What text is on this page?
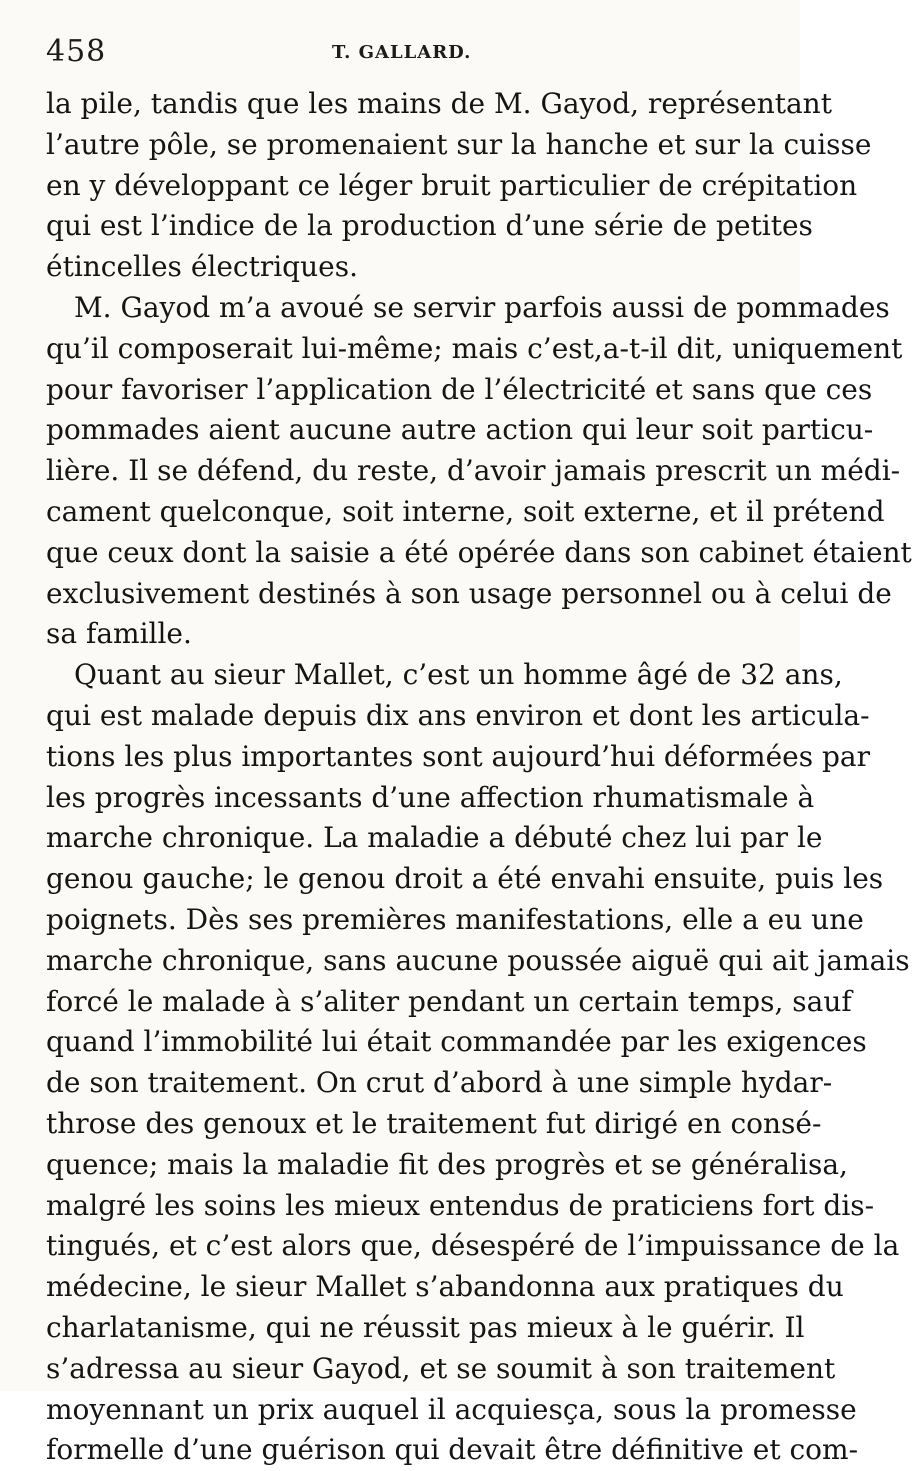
458	T. GALLARD.
la pile, tandis que les mains de M. Gayod, représentant
l’autre pôle, se promenaient sur la hanche et sur la cuisse
en y développant ce léger bruit particulier de crépitation
qui est l’indice de la production d’une série de petites
étincelles électriques.
M. Gayod m’a avoué se servir parfois aussi de pommades
qu’il composerait lui-même; mais c’est,a-t-il dit, uniquement
pour favoriser l’application de l’électricité et sans que ces
pommades aient aucune autre action qui leur soit particu-
lière. Il se défend, du reste, d’avoir jamais prescrit un médi-
cament quelconque, soit interne, soit externe, et il prétend
que ceux dont la saisie a été opérée dans son cabinet étaient
exclusivement destinés à son usage personnel ou à celui de
sa famille.
Quant au sieur Mallet, c’est un homme âgé de 32 ans,
qui est malade depuis dix ans environ et dont les articula-
tions les plus importantes sont aujourd’hui déformées par
les progrès incessants d’une affection rhumatismale à
marche chronique. La maladie a débuté chez lui par le
genou gauche; le genou droit a été envahi ensuite, puis les
poignets. Dès ses premières manifestations, elle a eu une
marche chronique, sans aucune poussée aiguë qui ait jamais
forcé le malade à s’aliter pendant un certain temps, sauf
quand l’immobilité lui était commandée par les exigences
de son traitement. On crut d’abord à une simple hydar-
throse des genoux et le traitement fut dirigé en consé-
quence; mais la maladie fit des progrès et se généralisa,
malgré les soins les mieux entendus de praticiens fort dis-
tingués, et c’est alors que, désespéré de l’impuissance de la
médecine, le sieur Mallet s’abandonna aux pratiques du
charlatanisme, qui ne réussit pas mieux à le guérir. Il
s’adressa au sieur Gayod, et se soumit à son traitement
moyennant un prix auquel il acquiesça, sous la promesse
formelle d’une guérison qui devait être définitive et com-
